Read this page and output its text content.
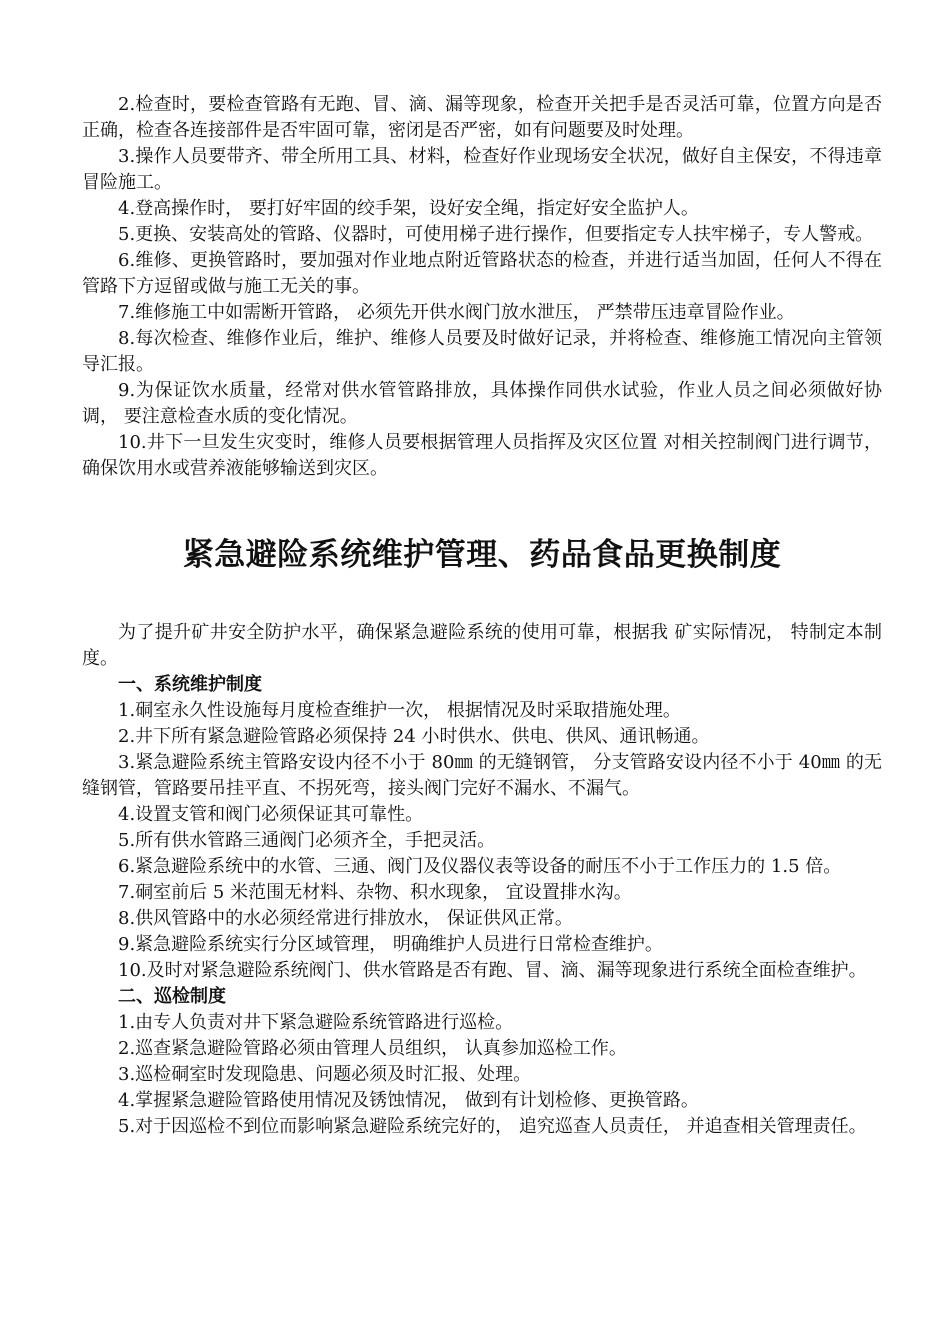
2.检查时，要检查管路有无跑、冒、滴、漏等现象，检查开关把手是否灵活可靠，位置方向是否正确，检查各连接部件是否牢固可靠，密闭是否严密，如有问题要及时处理。

3.操作人员要带齐、带全所用工具、材料，检查好作业现场安全状况，做好自主保安，不得违章冒险施工。

4.登高操作时， 要打好牢固的绞手架，设好安全绳，指定好安全监护人。

5.更换、安装高处的管路、仪器时，可使用梯子进行操作，但要指定专人扶牢梯子，专人警戒。

6.维修、更换管路时，要加强对作业地点附近管路状态的检查，并进行适当加固，任何人不得在管路下方逗留或做与施工无关的事。

7.维修施工中如需断开管路， 必须先开供水阀门放水泄压， 严禁带压违章冒险作业。

8.每次检查、维修作业后，维护、维修人员要及时做好记录，并将检查、维修施工情况向主管领导汇报。

9.为保证饮水质量，经常对供水管管路排放，具体操作同供水试验，作业人员之间必须做好协调， 要注意检查水质的变化情况。

10.井下一旦发生灾变时，维修人员要根据管理人员指挥及灾区位置 对相关控制阀门进行调节，确保饮用水或营养液能够输送到灾区。

紧急避险系统维护管理、药品食品更换制度

为了提升矿井安全防护水平，确保紧急避险系统的使用可靠，根据我 矿实际情况， 特制定本制度。

一、系统维护制度

1.硐室永久性设施每月度检查维护一次， 根据情况及时采取措施处理。

2.井下所有紧急避险管路必须保持 24 小时供水、供电、供风、通讯畅通。

3.紧急避险系统主管路安设内径不小于 80㎜ 的无缝钢管， 分支管路安设内径不小于 40㎜ 的无缝钢管，管路要吊挂平直、不拐死弯，接头阀门完好不漏水、不漏气。

4.设置支管和阀门必须保证其可靠性。

5.所有供水管路三通阀门必须齐全，手把灵活。

6.紧急避险系统中的水管、三通、阀门及仪器仪表等设备的耐压不小于工作压力的 1.5 倍。

7.硐室前后 5 米范围无材料、杂物、积水现象， 宜设置排水沟。

8.供风管路中的水必须经常进行排放水， 保证供风正常。

9.紧急避险系统实行分区域管理， 明确维护人员进行日常检查维护。

10.及时对紧急避险系统阀门、供水管路是否有跑、冒、滴、漏等现象进行系统全面检查维护。

二、巡检制度

1.由专人负责对井下紧急避险系统管路进行巡检。

2.巡查紧急避险管路必须由管理人员组织， 认真参加巡检工作。

3.巡检硐室时发现隐患、问题必须及时汇报、处理。

4.掌握紧急避险管路使用情况及锈蚀情况， 做到有计划检修、更换管路。

5.对于因巡检不到位而影响紧急避险系统完好的， 追究巡查人员责任， 并追查相关管理责任。
